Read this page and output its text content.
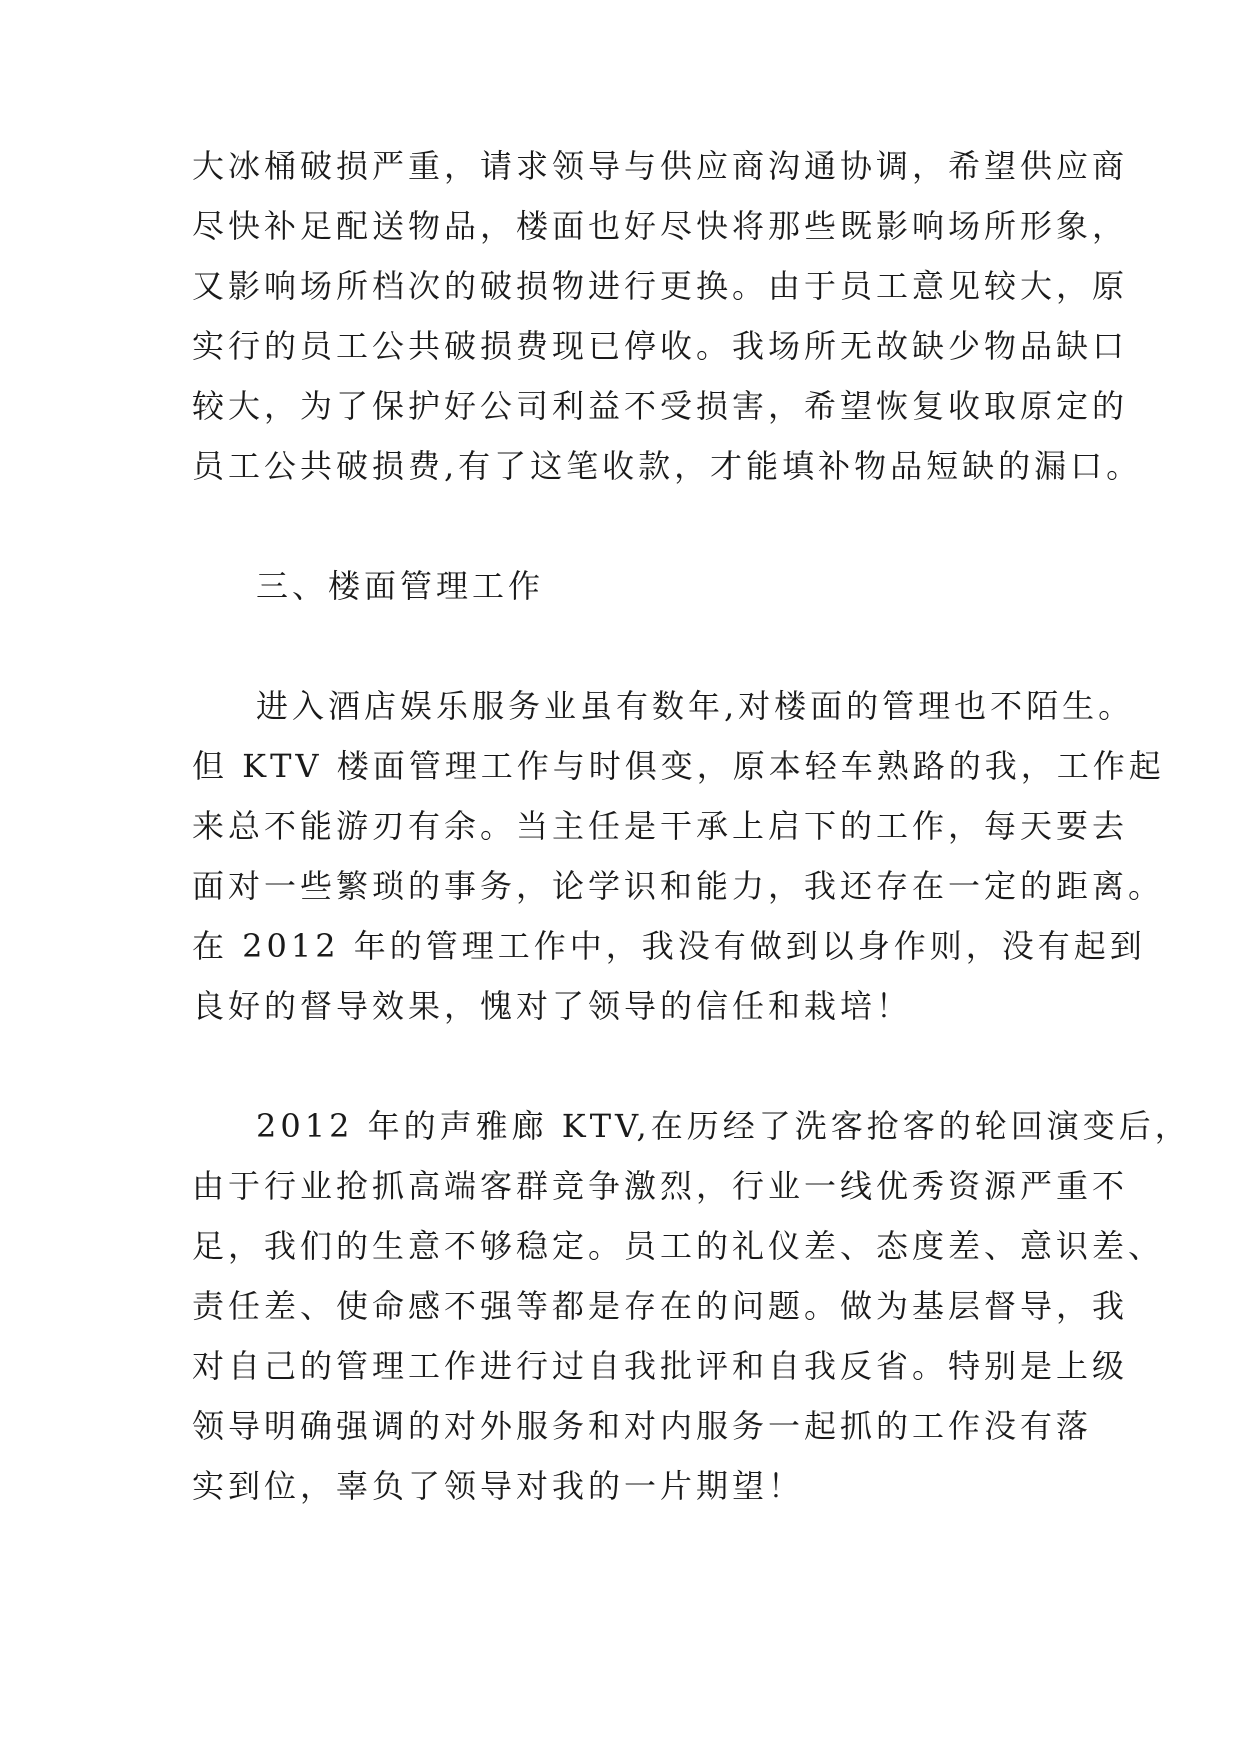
大冰桶破损严重，请求领导与供应商沟通协调，希望供应商

尽快补足配送物品，楼面也好尽快将那些既影响场所形象，

又影响场所档次的破损物进行更换。由于员工意见较大，原

实行的员工公共破损费现已停收。我场所无故缺少物品缺口

较大，为了保护好公司利益不受损害，希望恢复收取原定的

员工公共破损费,有了这笔收款，才能填补物品短缺的漏口。

三、楼面管理工作

进入酒店娱乐服务业虽有数年,对楼面的管理也不陌生。

但 KTV 楼面管理工作与时俱变，原本轻车熟路的我，工作起

来总不能游刃有余。当主任是干承上启下的工作，每天要去

面对一些繁琐的事务，论学识和能力，我还存在一定的距离。

在 2012 年的管理工作中，我没有做到以身作则，没有起到

良好的督导效果，愧对了领导的信任和栽培！

2012 年的声雅廊 KTV,在历经了洗客抢客的轮回演变后，

由于行业抢抓高端客群竞争激烈，行业一线优秀资源严重不

足，我们的生意不够稳定。员工的礼仪差、态度差、意识差、

责任差、使命感不强等都是存在的问题。做为基层督导，我

对自己的管理工作进行过自我批评和自我反省。特别是上级

领导明确强调的对外服务和对内服务一起抓的工作没有落

实到位，辜负了领导对我的一片期望！
